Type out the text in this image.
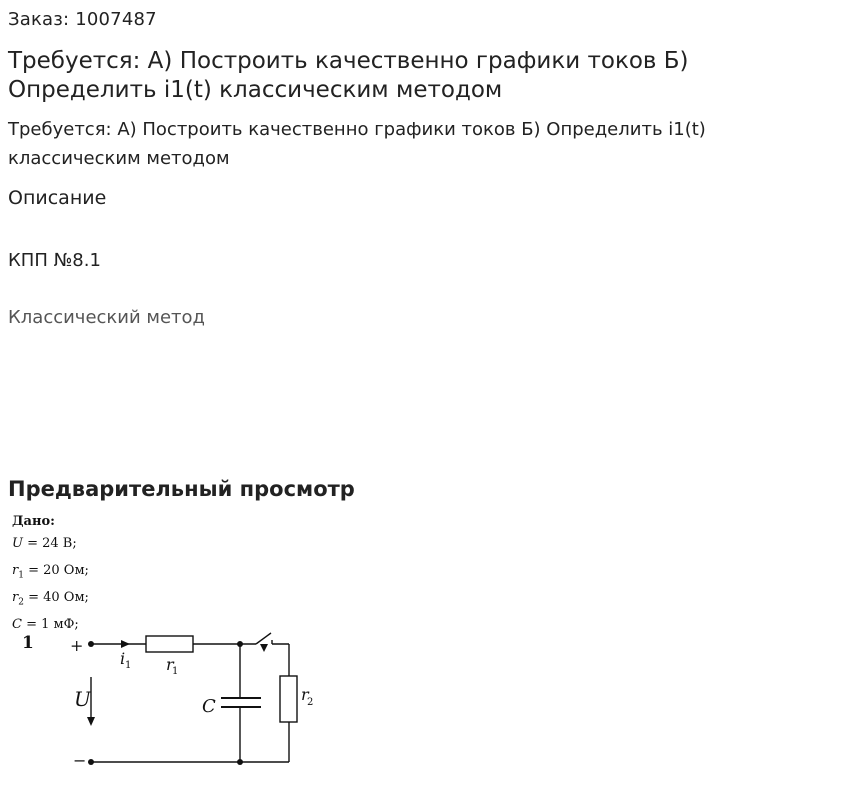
Заказ: 1007487
Требуется: А) Построить качественно графики токов Б) Определить i1(t) классическим методом
Требуется: А) Построить качественно графики токов Б) Определить i1(t) классическим методом
Описание
КПП №8.1
Классический метод
Предварительный просмотр
Дано:
U = 24 В;
$r_1 = 20$ Ом;
$r_2 = 40$ Ом;
C = 1 мФ;
1 +
−
U
i 1 r
1
C
r
2
